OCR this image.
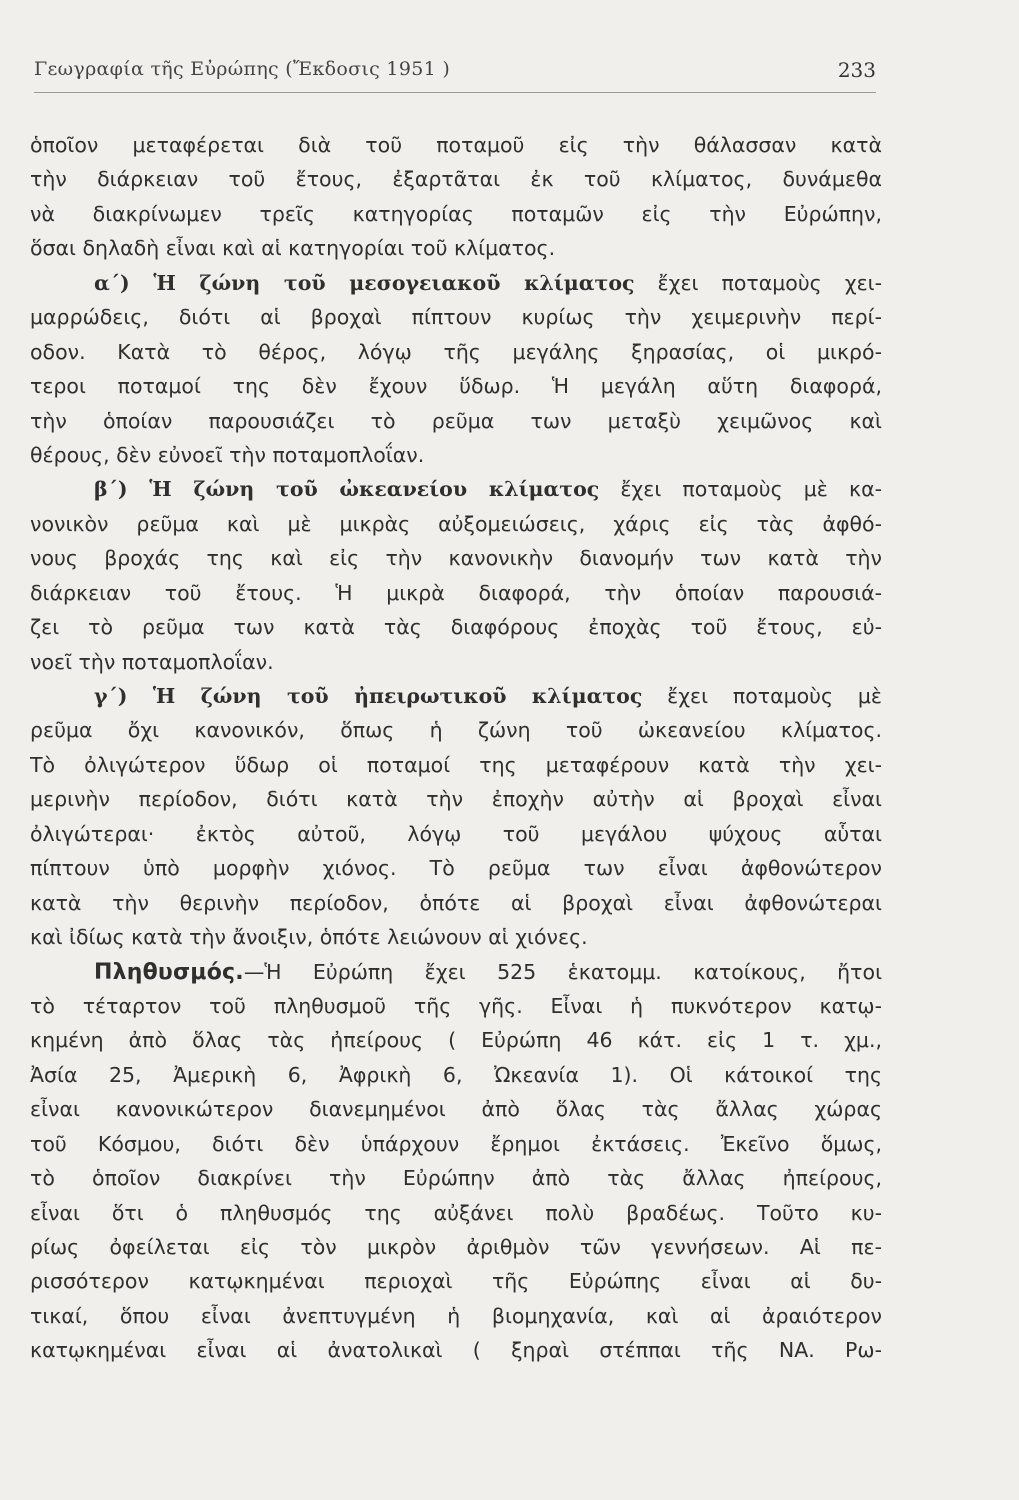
Γεωγραφία τῆς Εὐρώπης (Ἔκδοσις 1951 )	233
ὁποῖον μεταφέρεται διὰ τοῦ ποταμοῦ εἰς τὴν θάλασσαν κατὰ
τὴν διάρκειαν τοῦ ἔτους, ἐξαρτᾶται ἐκ τοῦ κλίματος, δυνάμεθα
νὰ διακρίνωμεν τρεῖς κατηγορίας ποταμῶν εἰς τὴν Εὐρώπην,
ὅσαι δηλαδὴ εἶναι καὶ αἱ κατηγορίαι τοῦ κλίματος.
α΄) Ἡ ζώνη τοῦ μεσογειακοῦ κλίματος ἔχει ποταμοὺς χει-
μαρρώδεις, διότι αἱ βροχαὶ πίπτουν κυρίως τὴν χειμερινὴν περί-
οδον. Κατὰ τὸ θέρος, λόγῳ τῆς μεγάλης ξηρασίας, οἱ μικρό-
τεροι ποταμοί της δὲν ἔχουν ὕδωρ. Ἡ μεγάλη αὕτη διαφορά,
τὴν ὁποίαν παρουσιάζει τὸ ρεῦμα των μεταξὺ χειμῶνος καὶ
θέρους, δὲν εὐνοεῖ τὴν ποταμοπλοΐαν.
β΄) Ἡ ζώνη τοῦ ὠκεανείου κλίματος ἔχει ποταμοὺς μὲ κα-
νονικὸν ρεῦμα καὶ μὲ μικρὰς αὐξομειώσεις, χάρις εἰς τὰς ἀφθό-
νους βροχάς της καὶ εἰς τὴν κανονικὴν διανομήν των κατὰ τὴν
διάρκειαν τοῦ ἔτους. Ἡ μικρὰ διαφορά, τὴν ὁποίαν παρουσιά-
ζει τὸ ρεῦμα των κατὰ τὰς διαφόρους ἐποχὰς τοῦ ἔτους, εὐ-
νοεῖ τὴν ποταμοπλοΐαν.
γ΄) Ἡ ζώνη τοῦ ἠπειρωτικοῦ κλίματος ἔχει ποταμοὺς μὲ
ρεῦμα ὄχι κανονικόν, ὅπως ἡ ζώνη τοῦ ὠκεανείου κλίματος.
Τὸ ὀλιγώτερον ὕδωρ οἱ ποταμοί της μεταφέρουν κατὰ τὴν χει-
μερινὴν περίοδον, διότι κατὰ τὴν ἐποχὴν αὐτὴν αἱ βροχαὶ εἶναι
ὀλιγώτεραι· ἐκτὸς αὐτοῦ, λόγῳ τοῦ μεγάλου ψύχους αὗται
πίπτουν ὑπὸ μορφὴν χιόνος. Τὸ ρεῦμα των εἶναι ἀφθονώτερον
κατὰ τὴν θερινὴν περίοδον, ὁπότε αἱ βροχαὶ εἶναι ἀφθονώτεραι
καὶ ἰδίως κατὰ τὴν ἄνοιξιν, ὁπότε λειώνουν αἱ χιόνες.
Πληθυσμός.—Ἡ Εὐρώπη ἔχει 525 ἑκατομμ. κατοίκους, ἤτοι
τὸ τέταρτον τοῦ πληθυσμοῦ τῆς γῆς. Εἶναι ἡ πυκνότερον κατῳ-
κημένη ἀπὸ ὅλας τὰς ἠπείρους ( Εὐρώπη 46 κάτ. εἰς 1 τ. χμ.,
Ἀσία 25, Ἀμερικὴ 6, Ἀφρικὴ 6, Ὠκεανία 1). Οἱ κάτοικοί της
εἶναι κανονικώτερον διανεμημένοι ἀπὸ ὅλας τὰς ἄλλας χώρας
τοῦ Κόσμου, διότι δὲν ὑπάρχουν ἔρημοι ἐκτάσεις. Ἐκεῖνο ὅμως,
τὸ ὁποῖον διακρίνει τὴν Εὐρώπην ἀπὸ τὰς ἄλλας ἠπείρους,
εἶναι ὅτι ὁ πληθυσμός της αὐξάνει πολὺ βραδέως. Τοῦτο κυ-
ρίως ὀφείλεται εἰς τὸν μικρὸν ἀριθμὸν τῶν γεννήσεων. Αἱ πε-
ρισσότερον κατῳκημέναι περιοχαὶ τῆς Εὐρώπης εἶναι αἱ δυ-
τικαί, ὅπου εἶναι ἀνεπτυγμένη ἡ βιομηχανία, καὶ αἱ ἀραιότερον
κατῳκημέναι εἶναι αἱ ἀνατολικαὶ ( ξηραὶ στέππαι τῆς ΝΑ. Ρω-
